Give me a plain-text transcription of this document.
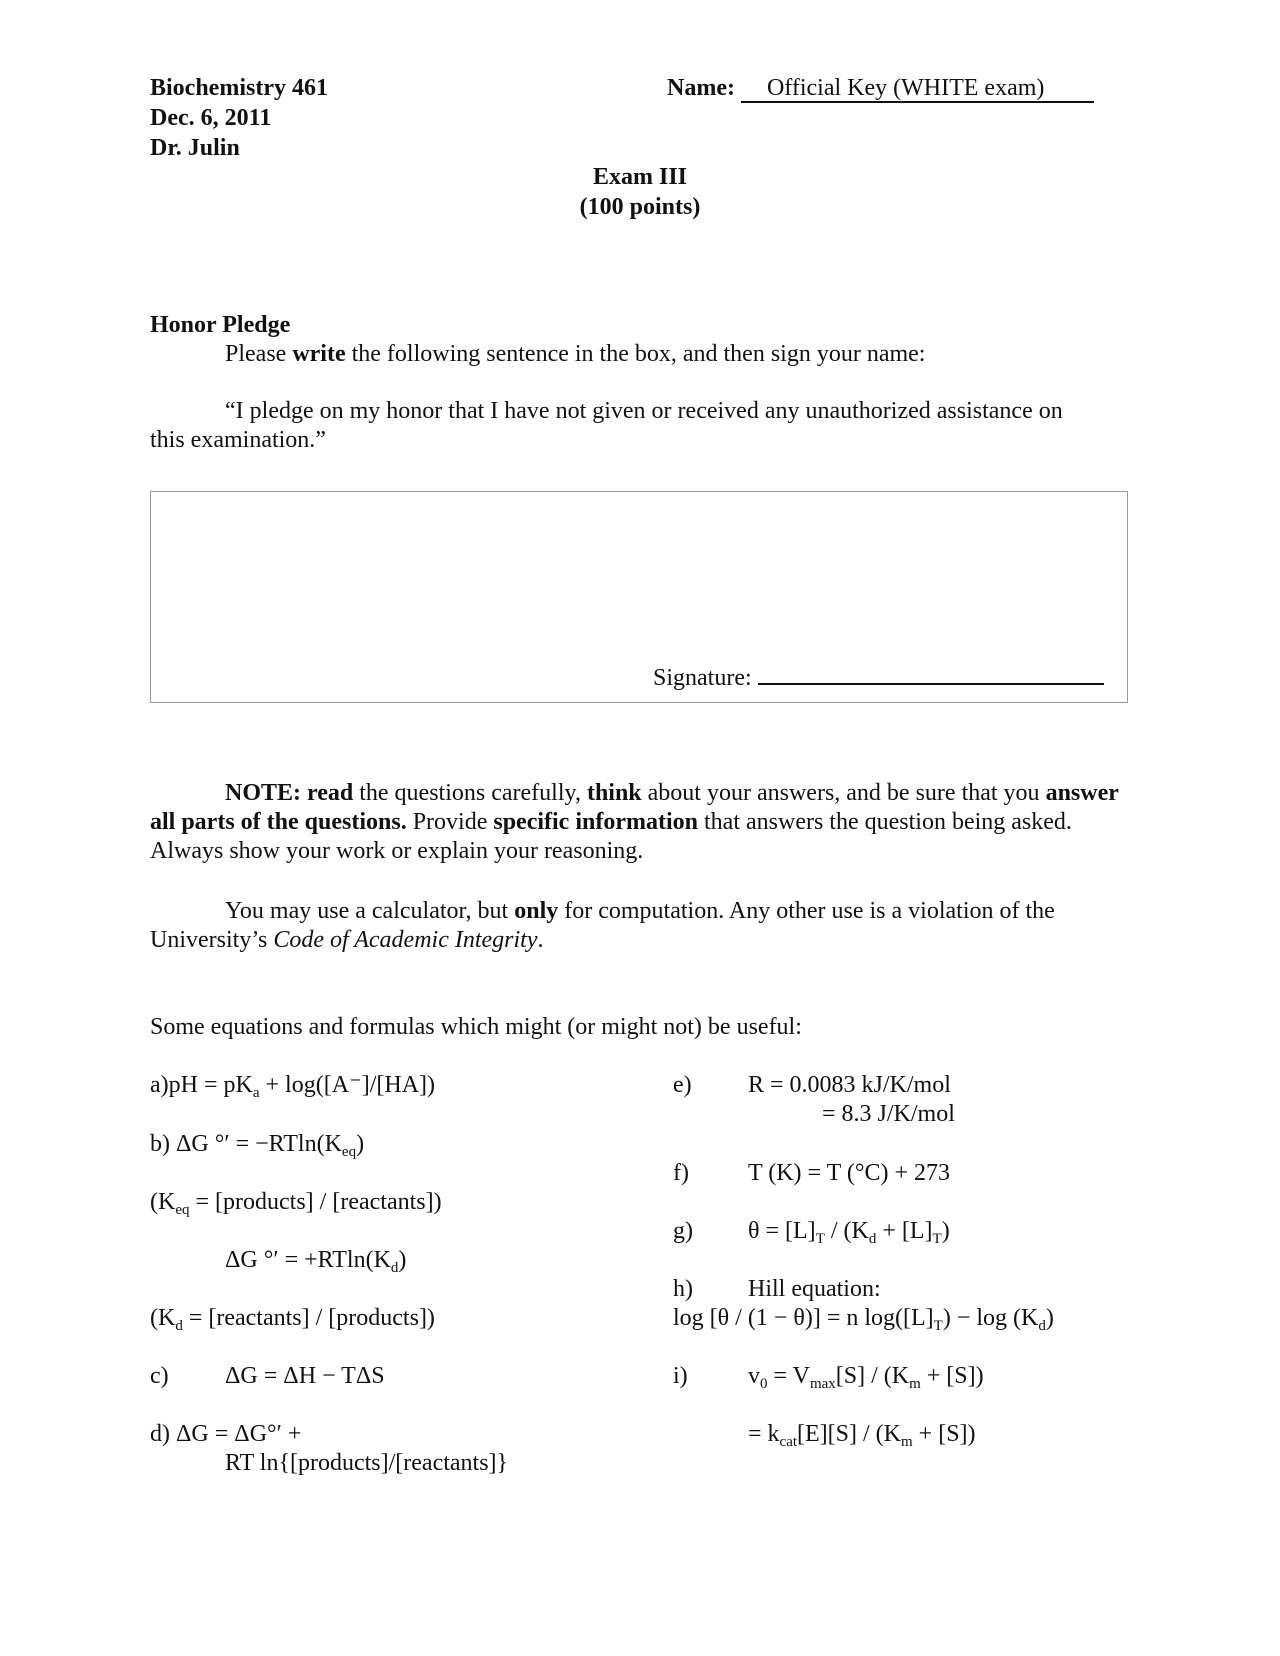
Biochemistry 461
Dec. 6, 2011
Dr. Julin
Name: Official Key (WHITE exam)
Exam III
(100 points)
Honor Pledge
Please write the following sentence in the box, and then sign your name:
“I pledge on my honor that I have not given or received any unauthorized assistance on this examination.”
Signature:
NOTE: read the questions carefully, think about your answers, and be sure that you answer all parts of the questions. Provide specific information that answers the question being asked. Always show your work or explain your reasoning.
You may use a calculator, but only for computation. Any other use is a violation of the University’s Code of Academic Integrity.
Some equations and formulas which might (or might not) be useful:
$a)pH = pK_a + \log([A^-]/[HA])$
b) ΔG °′ = $-RTln(K_{eq})$
($K_{eq}$ = [products] / [reactants])
ΔG °′ = $+RTln(K_d)$
($K_d$ = [reactants] / [products])
c) ΔG = ΔH − TΔS
d) ΔG = ΔG°′ +
RT ln{[products]/[reactants]}
e) R = 0.0083 kJ/K/mol
= 8.3 J/K/mol
f) T (K) = T (°C) + 273
g) $\theta = [L]_T / (K_d + [L]_T)$
h) Hill equation:
log [θ / (1 − θ)] = n $\log([L]_T) - \log (K_d)$
i)	$v_0 = V_{max}[S] / (K_m + [S])$
= $k_{cat}[E][S] / (K_m + [S])$
